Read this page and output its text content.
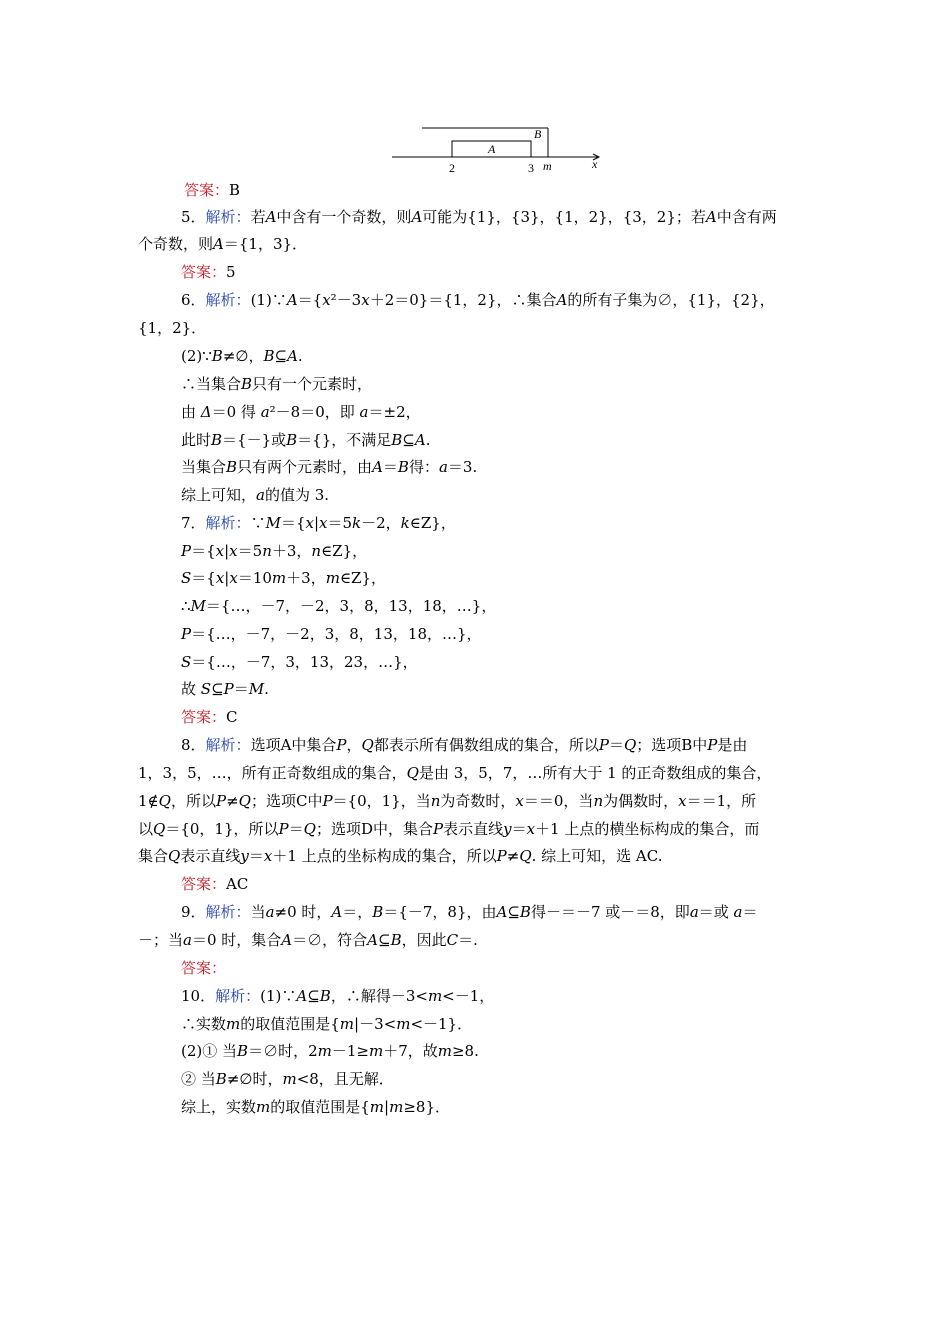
B
A
2	3 m	x
答案：B
5．解析：若A中含有一个奇数，则A可能为{1}，{3}，{1，2}，{3，2}；若A中含有两
个奇数，则A＝{1，3}．
答案：5
6．解析：(1)∵A＝{x²－3x＋2＝0}＝{1，2}，∴集合A的所有子集为∅，{1}，{2}，
{1，2}．
(2)∵B≠∅，B⊆A.
∴当集合B只有一个元素时，
由 Δ＝0 得 a²－8＝0，即 a＝±2，
此时B＝{－}或B＝{}，不满足B⊆A.
当集合B只有两个元素时，由A＝B得：a＝3.
综上可知，a的值为 3.
7．解析：∵M＝{x|x＝5k－2，k∈Z}，
P＝{x|x＝5n＋3，n∈Z}，
S＝{x|x＝10m＋3，m∈Z}，
∴M＝{…，－7，－2，3，8，13，18，…}，
P＝{…，－7，－2，3，8，13，18，…}，
S＝{…，－7，3，13，23，…}，
故 S⊆P＝M.
答案：C
8．解析：选项A中集合P，Q都表示所有偶数组成的集合，所以P＝Q；选项B中P是由
1，3，5，…，所有正奇数组成的集合，Q是由 3，5，7，…所有大于 1 的正奇数组成的集合，
1∉Q，所以P≠Q；选项C中P＝{0，1}，当n为奇数时，x＝＝0，当n为偶数时，x＝＝1，所
以Q＝{0，1}，所以P＝Q；选项D中，集合P表示直线y＝x＋1 上点的横坐标构成的集合，而
集合Q表示直线y＝x＋1 上点的坐标构成的集合，所以P≠Q. 综上可知，选 AC.
答案：AC
9．解析：当a≠0 时，A＝，B＝{－7，8}，由A⊆B得－＝－7 或－＝8，即a＝或 a＝
－；当a＝0 时，集合A＝∅，符合A⊆B，因此C＝.
答案：
10．解析：(1)∵A⊆B，∴解得－3<m<－1，
∴实数m的取值范围是{m|－3<m<－1}．
(2)① 当B＝∅时，2m－1≥m＋7，故m≥8.
② 当B≠∅时，m<8，且无解．
综上，实数m的取值范围是{m|m≥8}．
